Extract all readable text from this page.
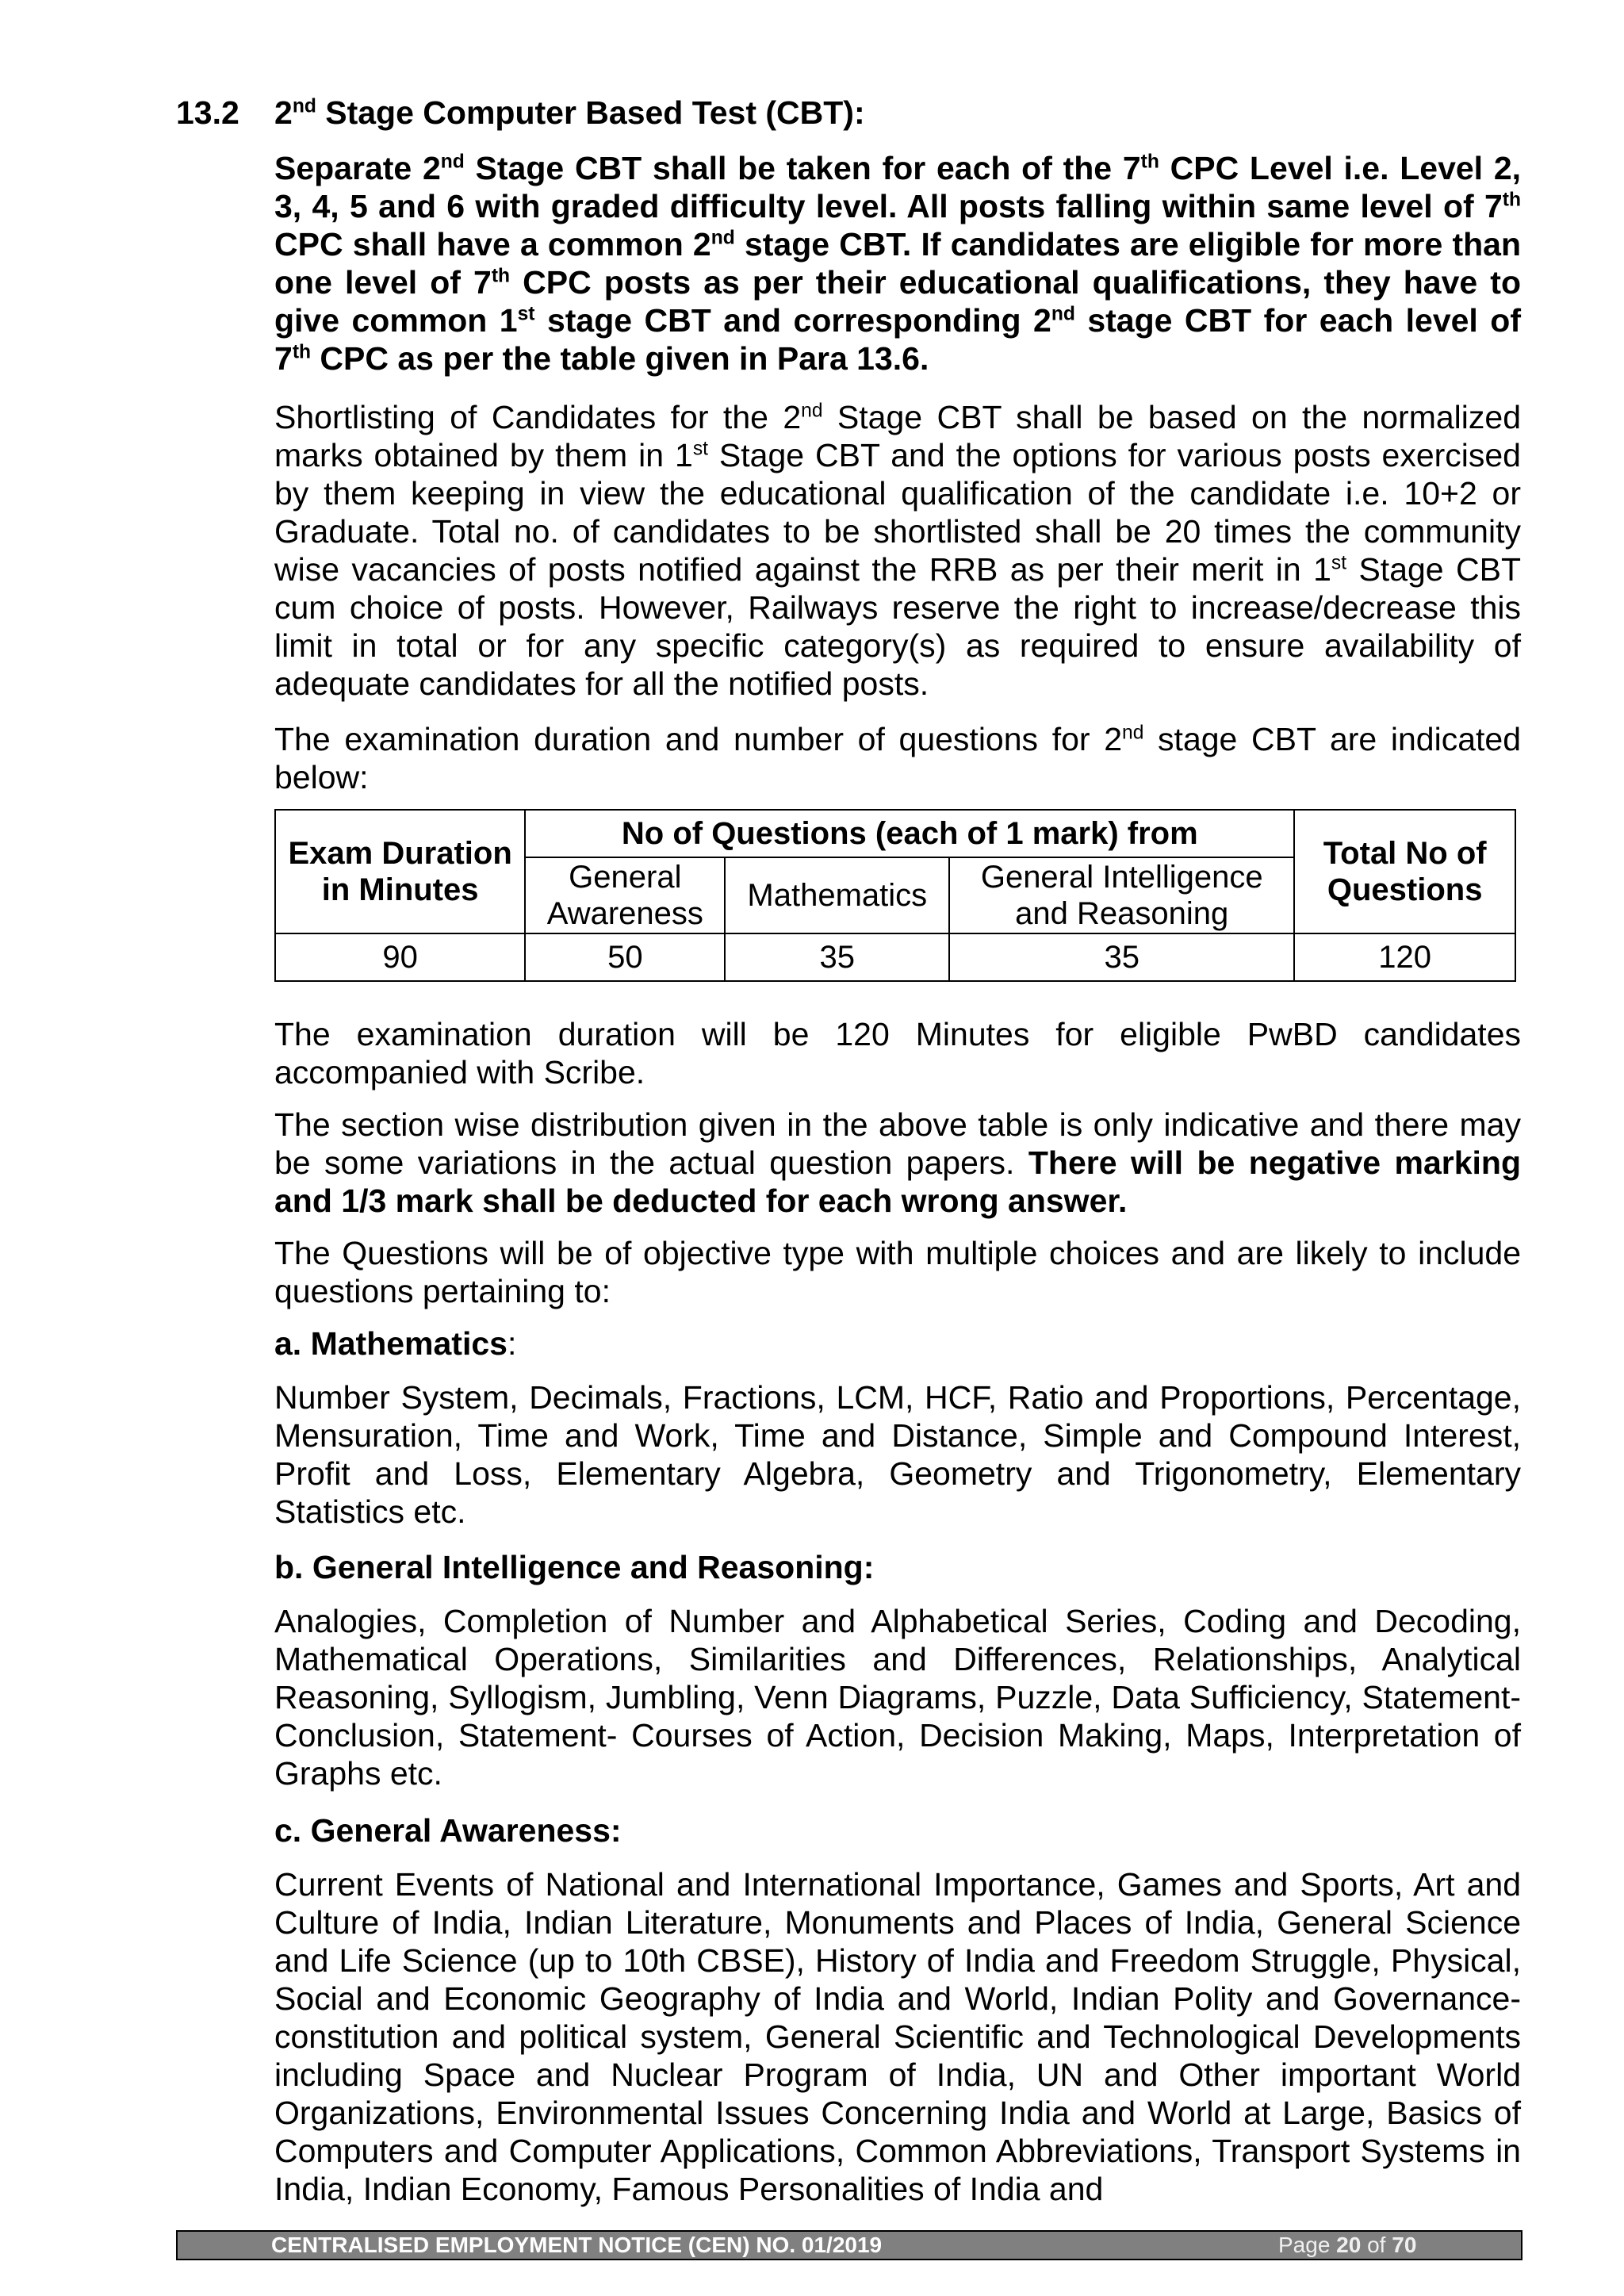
13.2 2nd Stage Computer Based Test (CBT):

Separate 2nd Stage CBT shall be taken for each of the 7th CPC Level i.e. Level 2, 3, 4, 5 and 6 with graded difficulty level. All posts falling within same level of 7th CPC shall have a common 2nd stage CBT. If candidates are eligible for more than one level of 7th CPC posts as per their educational qualifications, they have to give common 1st stage CBT and corresponding 2nd stage CBT for each level of 7th CPC as per the table given in Para 13.6.

Shortlisting of Candidates for the 2nd Stage CBT shall be based on the normalized marks obtained by them in 1st Stage CBT and the options for various posts exercised by them keeping in view the educational qualification of the candidate i.e. 10+2 or Graduate. Total no. of candidates to be shortlisted shall be 20 times the community wise vacancies of posts notified against the RRB as per their merit in 1st Stage CBT cum choice of posts. However, Railways reserve the right to increase/decrease this limit in total or for any specific category(s) as required to ensure availability of adequate candidates for all the notified posts.

The examination duration and number of questions for 2nd stage CBT are indicated below:

Exam Duration in Minutes	No of Questions (each of 1 mark) from			Total No of Questions
	General Awareness	Mathematics	General Intelligence and Reasoning	
90	50	35	35	120

The examination duration will be 120 Minutes for eligible PwBD candidates accompanied with Scribe.

The section wise distribution given in the above table is only indicative and there may be some variations in the actual question papers. There will be negative marking and 1/3 mark shall be deducted for each wrong answer.

The Questions will be of objective type with multiple choices and are likely to include questions pertaining to:

a. Mathematics:

Number System, Decimals, Fractions, LCM, HCF, Ratio and Proportions, Percentage, Mensuration, Time and Work, Time and Distance, Simple and Compound Interest, Profit and Loss, Elementary Algebra, Geometry and Trigonometry, Elementary Statistics etc.

b. General Intelligence and Reasoning:

Analogies, Completion of Number and Alphabetical Series, Coding and Decoding, Mathematical Operations, Similarities and Differences, Relationships, Analytical Reasoning, Syllogism, Jumbling, Venn Diagrams, Puzzle, Data Sufficiency, Statement- Conclusion, Statement- Courses of Action, Decision Making, Maps, Interpretation of Graphs etc.

c. General Awareness:

Current Events of National and International Importance, Games and Sports, Art and Culture of India, Indian Literature, Monuments and Places of India, General Science and Life Science (up to 10th CBSE), History of India and Freedom Struggle, Physical, Social and Economic Geography of India and World, Indian Polity and Governance- constitution and political system, General Scientific and Technological Developments including Space and Nuclear Program of India, UN and Other important World Organizations, Environmental Issues Concerning India and World at Large, Basics of Computers and Computer Applications, Common Abbreviations, Transport Systems in India, Indian Economy, Famous Personalities of India and

CENTRALISED EMPLOYMENT NOTICE (CEN) NO. 01/2019	Page 20 of 70
